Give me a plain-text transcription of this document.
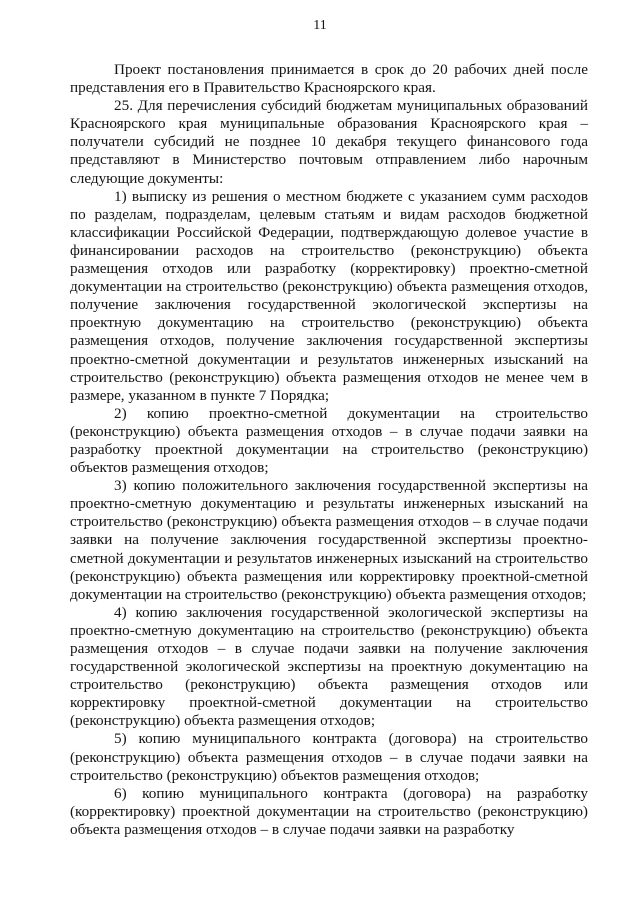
11

Проект постановления принимается в срок до 20 рабочих дней после представления его в Правительство Красноярского края.

25. Для перечисления субсидий бюджетам муниципальных образований Красноярского края муниципальные образования Красноярского края – получатели субсидий не позднее 10 декабря текущего финансового года представляют в Министерство почтовым отправлением либо нарочным следующие документы:

1) выписку из решения о местном бюджете с указанием сумм расходов по разделам, подразделам, целевым статьям и видам расходов бюджетной классификации Российской Федерации, подтверждающую долевое участие в финансировании расходов на строительство (реконструкцию) объекта размещения отходов или разработку (корректировку) проектно-сметной документации на строительство (реконструкцию) объекта размещения отходов, получение заключения государственной экологической экспертизы на проектную документацию на строительство (реконструкцию) объекта размещения отходов, получение заключения государственной экспертизы проектно-сметной документации и результатов инженерных изысканий на строительство (реконструкцию) объекта размещения отходов не менее чем в размере, указанном в пункте 7 Порядка;

2) копию проектно-сметной документации на строительство (реконструкцию) объекта размещения отходов – в случае подачи заявки на разработку проектной документации на строительство (реконструкцию) объектов размещения отходов;

3) копию положительного заключения государственной экспертизы на проектно-сметную документацию и результаты инженерных изысканий на строительство (реконструкцию) объекта размещения отходов – в случае подачи заявки на получение заключения государственной экспертизы проектно-сметной документации и результатов инженерных изысканий на строительство (реконструкцию) объекта размещения или корректировку проектной-сметной документации на строительство (реконструкцию) объекта размещения отходов;

4) копию заключения государственной экологической экспертизы на проектно-сметную документацию на строительство (реконструкцию) объекта размещения отходов – в случае подачи заявки на получение заключения государственной экологической экспертизы на проектную документацию на строительство (реконструкцию) объекта размещения отходов или корректировку проектной-сметной документации на строительство (реконструкцию) объекта размещения отходов;

5) копию муниципального контракта (договора) на строительство (реконструкцию) объекта размещения отходов – в случае подачи заявки на строительство (реконструкцию) объектов размещения отходов;

6) копию муниципального контракта (договора) на разработку (корректировку) проектной документации на строительство (реконструкцию) объекта размещения отходов – в случае подачи заявки на разработку
